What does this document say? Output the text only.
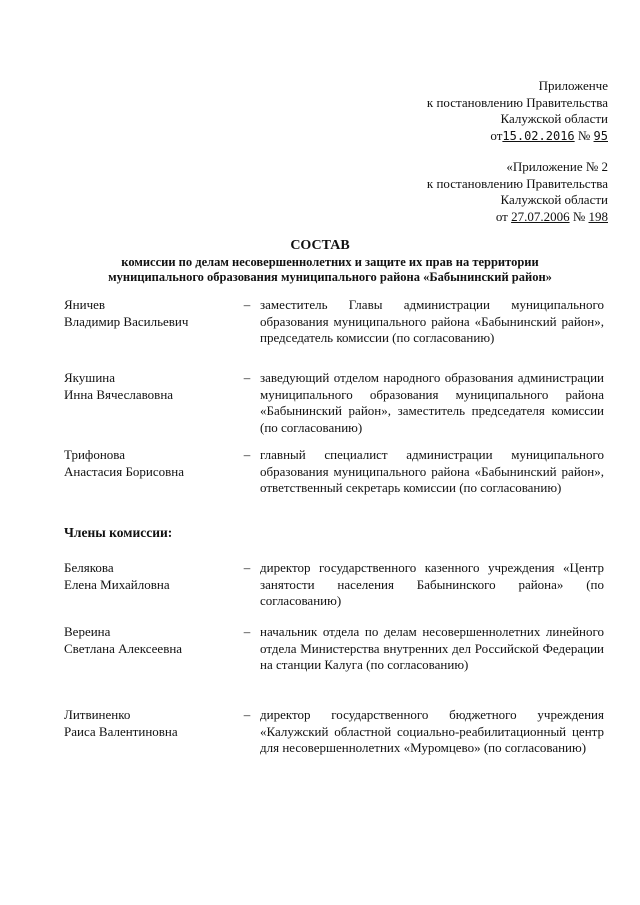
Приложенче
к постановлению Правительства
Калужской области
от15.02.2016 № 95
«Приложение № 2
к постановлению Правительства
Калужской области
от 27.07.2006 № 198
СОСТАВ
комиссии по делам несовершеннолетних и защите их прав на территории
муниципального образования муниципального района «Бабынинский район»
Яничев
Владимир Васильевич
– заместитель Главы администрации муниципального образования муниципального района «Бабынинский район», председатель комиссии (по согласованию)
Якушина
Инна Вячеславовна
– заведующий отделом народного образования администрации муниципального образования муниципального района «Бабынинский район», заместитель председателя комиссии (по согласованию)
Трифонова
Анастасия Борисовна
– главный специалист администрации муниципального образования муниципального района «Бабынинский район», ответственный секретарь комиссии (по согласованию)
Члены комиссии:
Белякова
Елена Михайловна
– директор государственного казенного учреждения «Центр занятости населения Бабынинского района» (по согласованию)
Вереина
Светлана Алексеевна
– начальник отдела по делам несовершеннолетних линейного отдела Министерства внутренних дел Российской Федерации на станции Калуга (по согласованию)
Литвиненко
Раиса Валентиновна
– директор государственного бюджетного учреждения «Калужский областной социально-реабилитационный центр для несовершеннолетних «Муромцево» (по согласованию)
